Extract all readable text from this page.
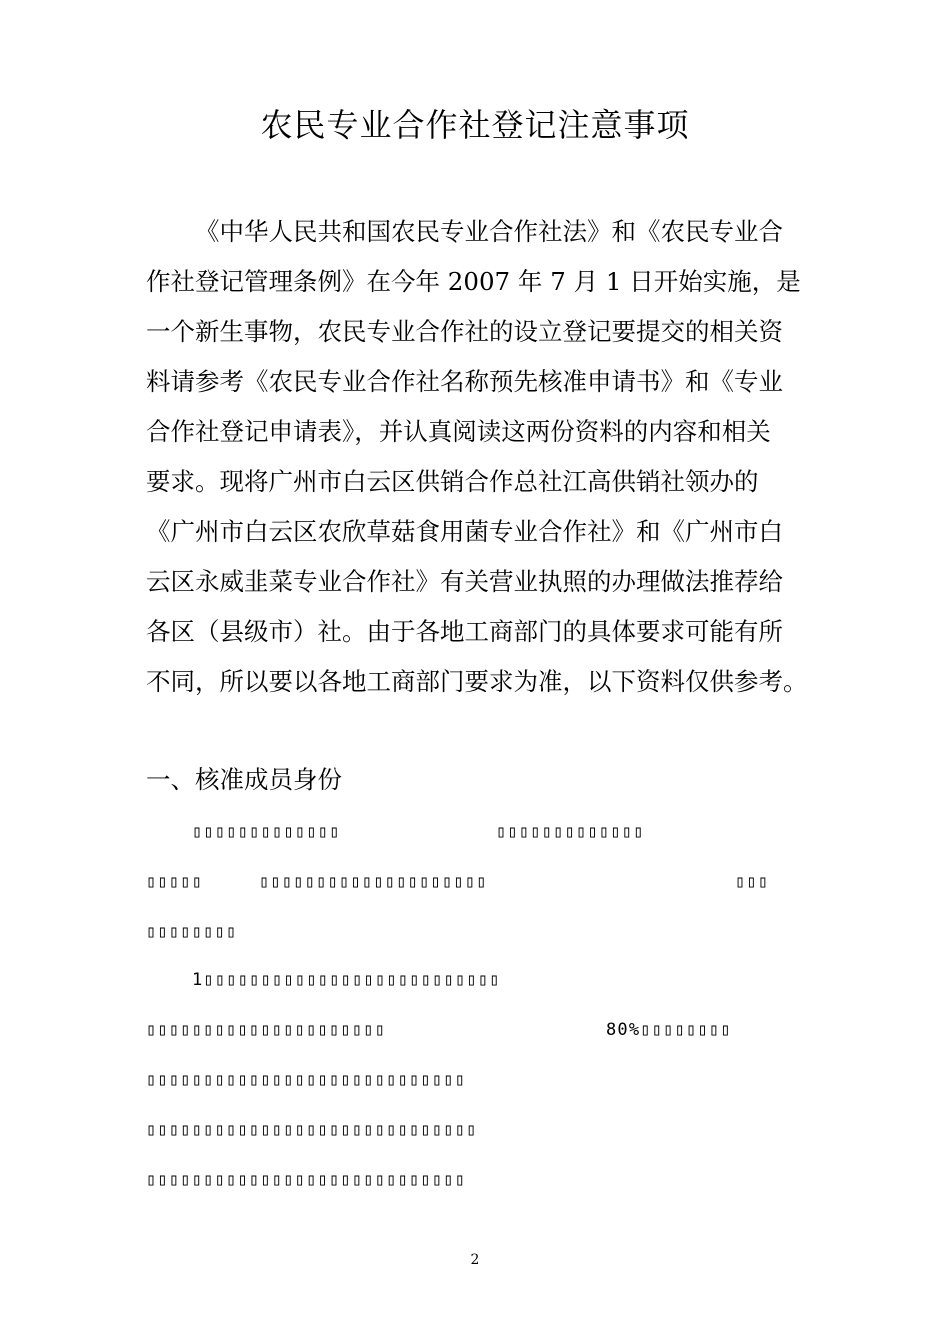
农民专业合作社登记注意事项
《中华人民共和国农民专业合作社法》和《农民专业合
作社登记管理条例》在今年 2007 年 7 月 1 日开始实施，是
一个新生事物，农民专业合作社的设立登记要提交的相关资
料请参考《农民专业合作社名称预先核准申请书》和《专业
合作社登记申请表》，并认真阅读这两份资料的内容和相关
要求。现将广州市白云区供销合作总社江高供销社领办的
《广州市白云区农欣草菇食用菌专业合作社》和《广州市白
云区永威韭菜专业合作社》有关营业执照的办理做法推荐给
各区（县级市）社。由于各地工商部门的具体要求可能有所
不同，所以要以各地工商部门要求为准，以下资料仅供参考。
一、核准成员身份
▯▯▯▯▯▯▯▯▯▯▯▯▯	▯▯▯▯▯▯▯▯▯▯▯▯▯
▯▯▯▯▯	▯▯▯▯▯▯▯▯▯▯▯▯▯▯▯▯▯▯▯▯	▯▯▯
▯▯▯▯▯▯▯▯
1▯▯▯▯▯▯▯▯▯▯▯▯▯▯▯▯▯▯▯▯▯▯▯▯▯▯
▯▯▯▯▯▯▯▯▯▯▯▯▯▯▯▯▯▯▯▯▯	80%▯▯▯▯▯▯▯▯
▯▯▯▯▯▯▯▯▯▯▯▯▯▯▯▯▯▯▯▯▯▯▯▯▯▯▯▯
▯▯▯▯▯▯▯▯▯▯▯▯▯▯▯▯▯▯▯▯▯▯▯▯▯▯▯▯▯
▯▯▯▯▯▯▯▯▯▯▯▯▯▯▯▯▯▯▯▯▯▯▯▯▯▯▯▯
2
